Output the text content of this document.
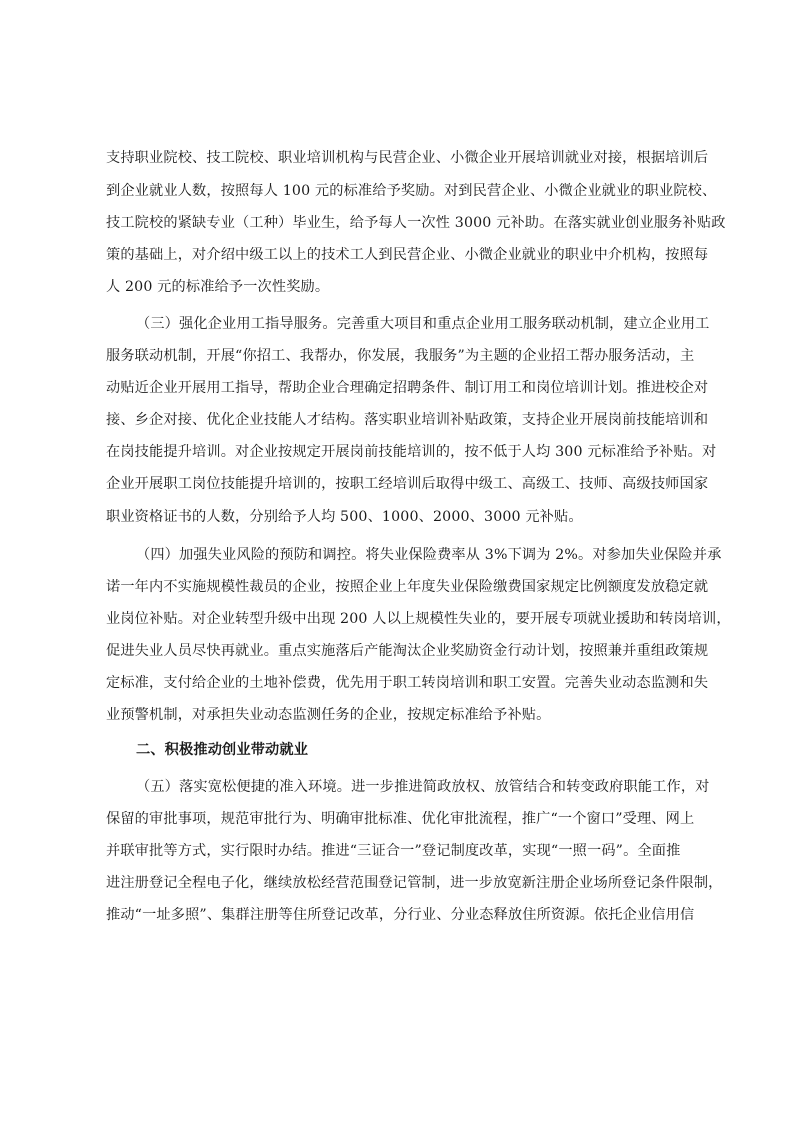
支持职业院校、技工院校、职业培训机构与民营企业、小微企业开展培训就业对接，根据培训后
到企业就业人数，按照每人 100 元的标准给予奖励。对到民营企业、小微企业就业的职业院校、
技工院校的紧缺专业（工种）毕业生，给予每人一次性 3000 元补助。在落实就业创业服务补贴政
策的基础上，对介绍中级工以上的技术工人到民营企业、小微企业就业的职业中介机构，按照每
人 200 元的标准给予一次性奖励。
（三）强化企业用工指导服务。完善重大项目和重点企业用工服务联动机制，建立企业用工
服务联动机制，开展“你招工、我帮办，你发展，我服务”为主题的企业招工帮办服务活动，主
动贴近企业开展用工指导，帮助企业合理确定招聘条件、制订用工和岗位培训计划。推进校企对
接、乡企对接、优化企业技能人才结构。落实职业培训补贴政策，支持企业开展岗前技能培训和
在岗技能提升培训。对企业按规定开展岗前技能培训的，按不低于人均 300 元标准给予补贴。对
企业开展职工岗位技能提升培训的，按职工经培训后取得中级工、高级工、技师、高级技师国家
职业资格证书的人数，分别给予人均 500、1000、2000、3000 元补贴。
（四）加强失业风险的预防和调控。将失业保险费率从 3%下调为 2%。对参加失业保险并承
诺一年内不实施规模性裁员的企业，按照企业上年度失业保险缴费国家规定比例额度发放稳定就
业岗位补贴。对企业转型升级中出现 200 人以上规模性失业的，要开展专项就业援助和转岗培训，
促进失业人员尽快再就业。重点实施落后产能淘汰企业奖励资金行动计划，按照兼并重组政策规
定标准，支付给企业的土地补偿费，优先用于职工转岗培训和职工安置。完善失业动态监测和失
业预警机制，对承担失业动态监测任务的企业，按规定标准给予补贴。
二、积极推动创业带动就业
（五）落实宽松便捷的准入环境。进一步推进简政放权、放管结合和转变政府职能工作，对
保留的审批事项，规范审批行为、明确审批标准、优化审批流程，推广“一个窗口”受理、网上
并联审批等方式，实行限时办结。推进“三证合一”登记制度改革，实现“一照一码”。全面推
进注册登记全程电子化，继续放松经营范围登记管制，进一步放宽新注册企业场所登记条件限制，
推动“一址多照”、集群注册等住所登记改革，分行业、分业态释放住所资源。依托企业信用信
